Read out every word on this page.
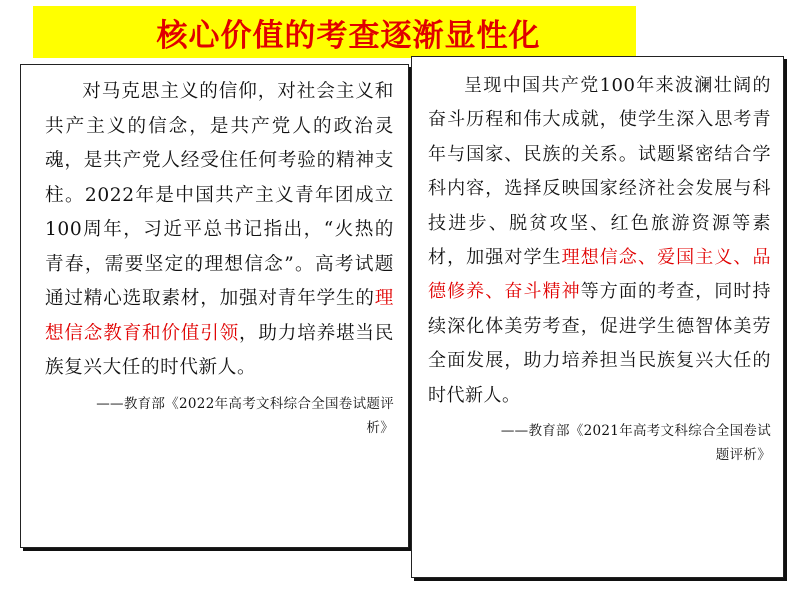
核心价值的考查逐渐显性化

对马克思主义的信仰，对社会主义和共产主义的信念，是共产党人的政治灵魂，是共产党人经受住任何考验的精神支柱。2022年是中国共产主义青年团成立100周年，习近平总书记指出，“火热的青春，需要坚定的理想信念”。高考试题通过精心选取素材，加强对青年学生的理想信念教育和价值引领，助力培养堪当民族复兴大任的时代新人。

——教育部《2022年高考文科综合全国卷试题评
析》

呈现中国共产党100年来波澜壮阔的奋斗历程和伟大成就，使学生深入思考青年与国家、民族的关系。试题紧密结合学科内容，选择反映国家经济社会发展与科技进步、脱贫攻坚、红色旅游资源等素材，加强对学生理想信念、爱国主义、品德修养、奋斗精神等方面的考查，同时持续深化体美劳考查，促进学生德智体美劳全面发展，助力培养担当民族复兴大任的时代新人。

——教育部《2021年高考文科综合全国卷试
题评析》
